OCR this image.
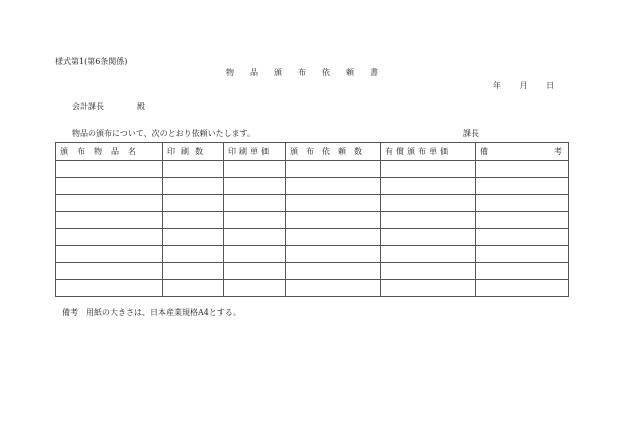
様式第1(第6条関係)
物品頒布依頼書
年 月 日
会計課長	殿
物品の頒布について、次のとおり依頼いたします。	課長
頒布物品名	印刷数	印刷単価	頒布依頼数	有償頒布単価	備 考

備考　用紙の大きさは、日本産業規格A4とする。
